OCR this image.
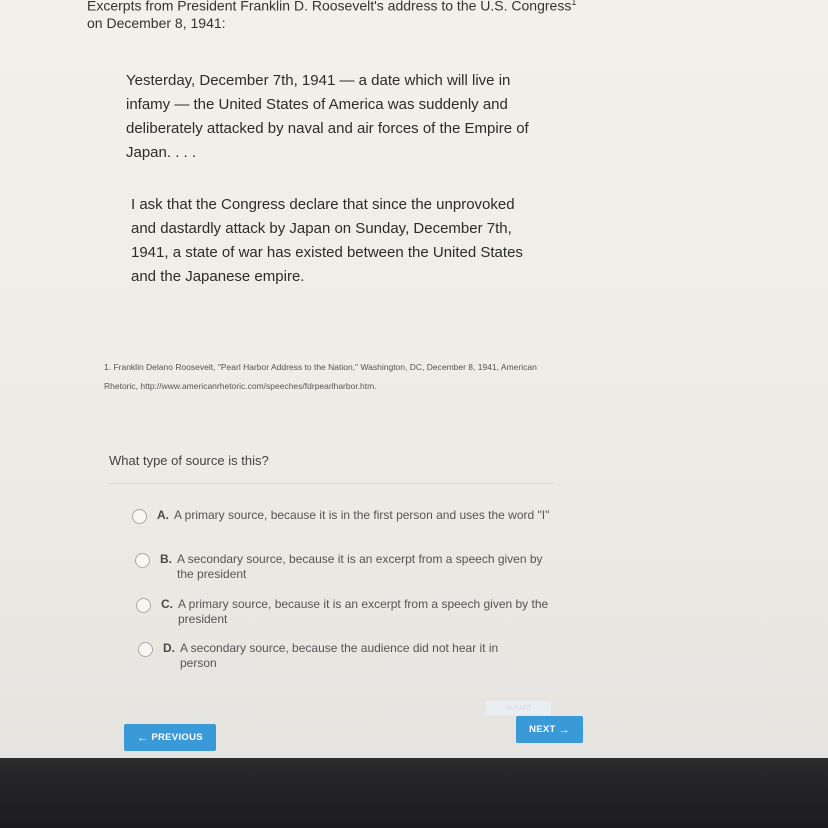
Excerpts from President Franklin D. Roosevelt's address to the U.S. Congress$^1$
on December 8, 1941:
Yesterday, December 7th, 1941 — a date which will live in infamy — the United States of America was suddenly and deliberately attacked by naval and air forces of the Empire of Japan. . . .
I ask that the Congress declare that since the unprovoked and dastardly attack by Japan on Sunday, December 7th, 1941, a state of war has existed between the United States and the Japanese empire.
1. Franklin Delano Roosevelt, "Pearl Harbor Address to the Nation," Washington, DC, December 8, 1941, American
Rhetoric, http://www.americanrhetoric.com/speeches/fdrpearlharbor.htm.
What type of source is this?
A. A primary source, because it is in the first person and uses the word "I"
B. A secondary source, because it is an excerpt from a speech given by the president
C. A primary source, because it is an excerpt from a speech given by the president
D. A secondary source, because the audience did not hear it in person
SUBMIT
←
PREVIOUS
NEXT
→
